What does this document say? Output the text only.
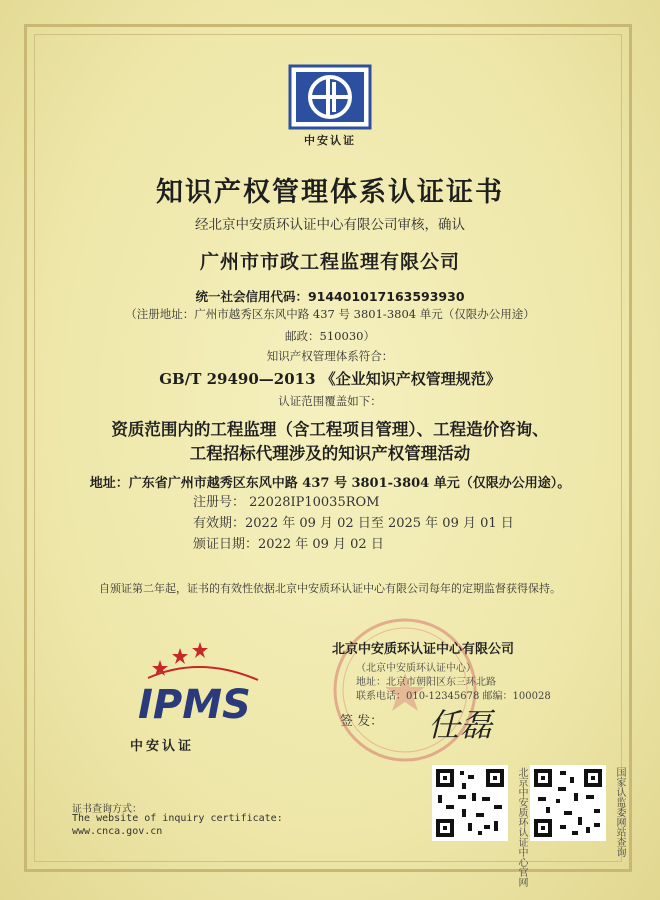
中安认证
知识产权管理体系认证证书
经北京中安质环认证中心有限公司审核，确认
广州市市政工程监理有限公司
统一社会信用代码：914401017163593930
（注册地址：广州市越秀区东风中路 437 号 3801-3804 单元（仅限办公用途）
邮政：510030）
知识产权管理体系符合：
GB/T 29490—2013 《企业知识产权管理规范》
认证范围覆盖如下：
资质范围内的工程监理（含工程项目管理）、工程造价咨询、
工程招标代理涉及的知识产权管理活动
地址：广东省广州市越秀区东风中路 437 号 3801-3804 单元（仅限办公用途）。
注册号： 22028IP10035ROM
有效期：2022 年 09 月 02 日至 2025 年 09 月 01 日
颁证日期：2022 年 09 月 02 日
自颁证第二年起，证书的有效性依据北京中安质环认证中心有限公司每年的定期监督获得保持。
北京中安质环认证中心有限公司
（北京中安质环认证中心）
地址：北京市朝阳区东三环北路
联系电话：010-12345678 邮编：100028
签 发： 任磊
IPMS
中安认证
证书查询方式：
The website of inquiry certificate:
www.cnca.gov.cn	北京中安质环认证中心官网	国家认监委网站查询
